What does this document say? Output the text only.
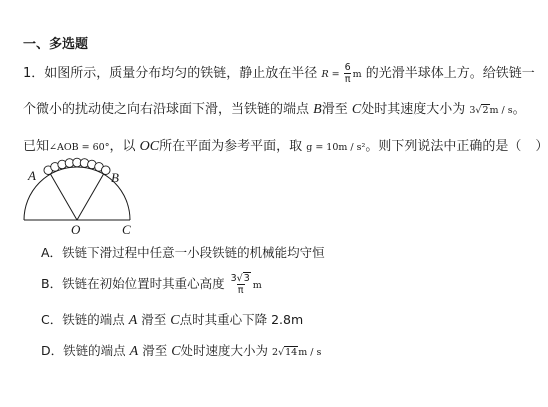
一、多选题
1．如图所示，质量分布均匀的铁链，静止放在半径 $R = \frac{6}{\pi}$ m 的光滑半球体上方。给铁链一
个微小的扰动使之向右沿球面下滑，当铁链的端点 B滑至 C处时其速度大小为 3√2m / s。
已知∠AOB = 60°，以 OC所在平面为参考平面，取 g = 10m / s²。则下列说法中正确的是（ ）
A	B
O	C
A．铁链下滑过程中任意一小段铁链的机械能均守恒
B．铁链在初始位置时其重心高度 $\frac{3√3}{\pi}$ m
C．铁链的端点 A 滑至 C点时其重心下降 2.8m
D．铁链的端点 A 滑至 C处时速度大小为 2√14m / s
